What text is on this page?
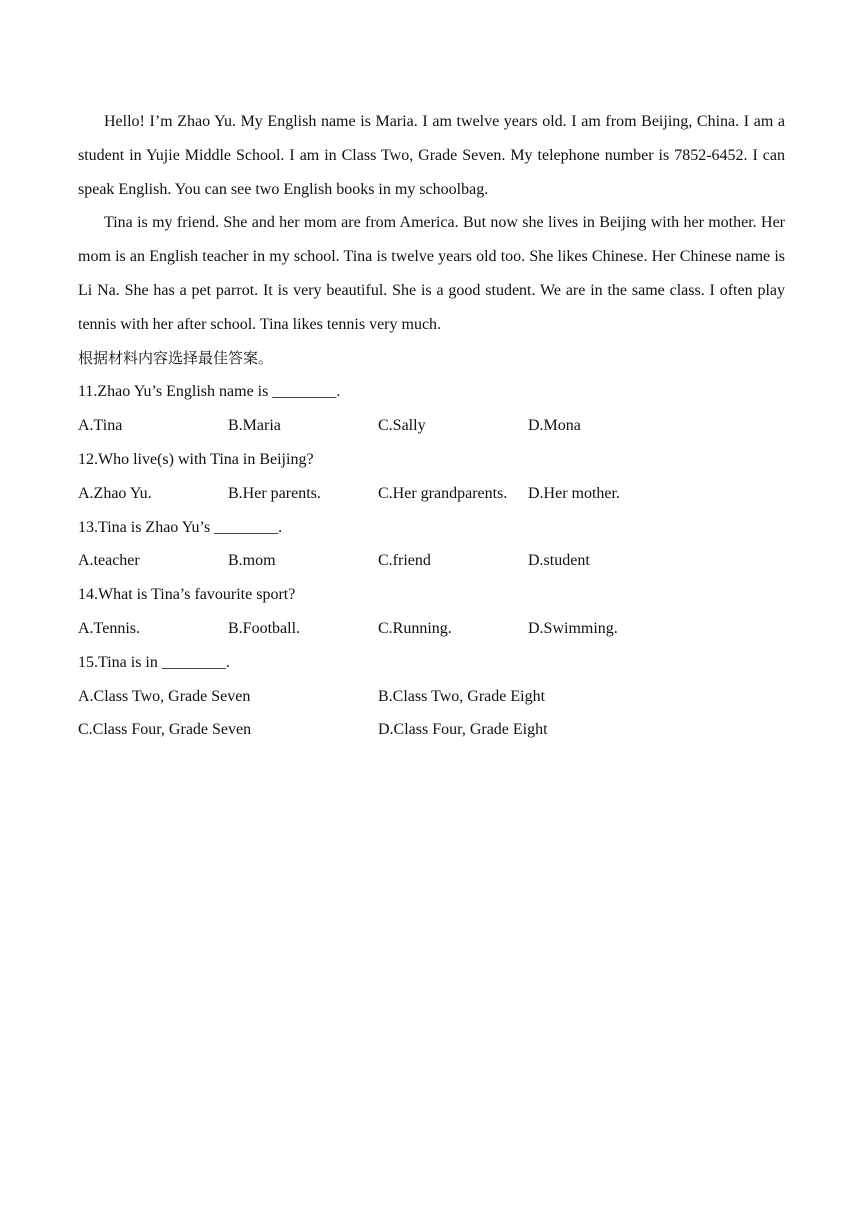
Hello! I’m Zhao Yu. My English name is Maria. I am twelve years old. I am from Beijing, China. I am a student in Yujie Middle School. I am in Class Two, Grade Seven. My telephone number is 7852-6452. I can speak English. You can see two English books in my schoolbag.

Tina is my friend. She and her mom are from America. But now she lives in Beijing with her mother. Her mom is an English teacher in my school. Tina is twelve years old too. She likes Chinese. Her Chinese name is Li Na. She has a pet parrot. It is very beautiful. She is a good student. We are in the same class. I often play tennis with her after school. Tina likes tennis very much.

根据材料内容选择最佳答案。
11.Zhao Yu’s English name is ________.
A.Tina	B.Maria	C.Sally	D.Mona
12.Who live(s) with Tina in Beijing?
A.Zhao Yu.	B.Her parents.	C.Her grandparents.	D.Her mother.
13.Tina is Zhao Yu’s ________.
A.teacher	B.mom	C.friend	D.student
14.What is Tina’s favourite sport?
A.Tennis.	B.Football.	C.Running.	D.Swimming.
15.Tina is in ________.
A.Class Two, Grade Seven	B.Class Two, Grade Eight
C.Class Four, Grade Seven	D.Class Four, Grade Eight
